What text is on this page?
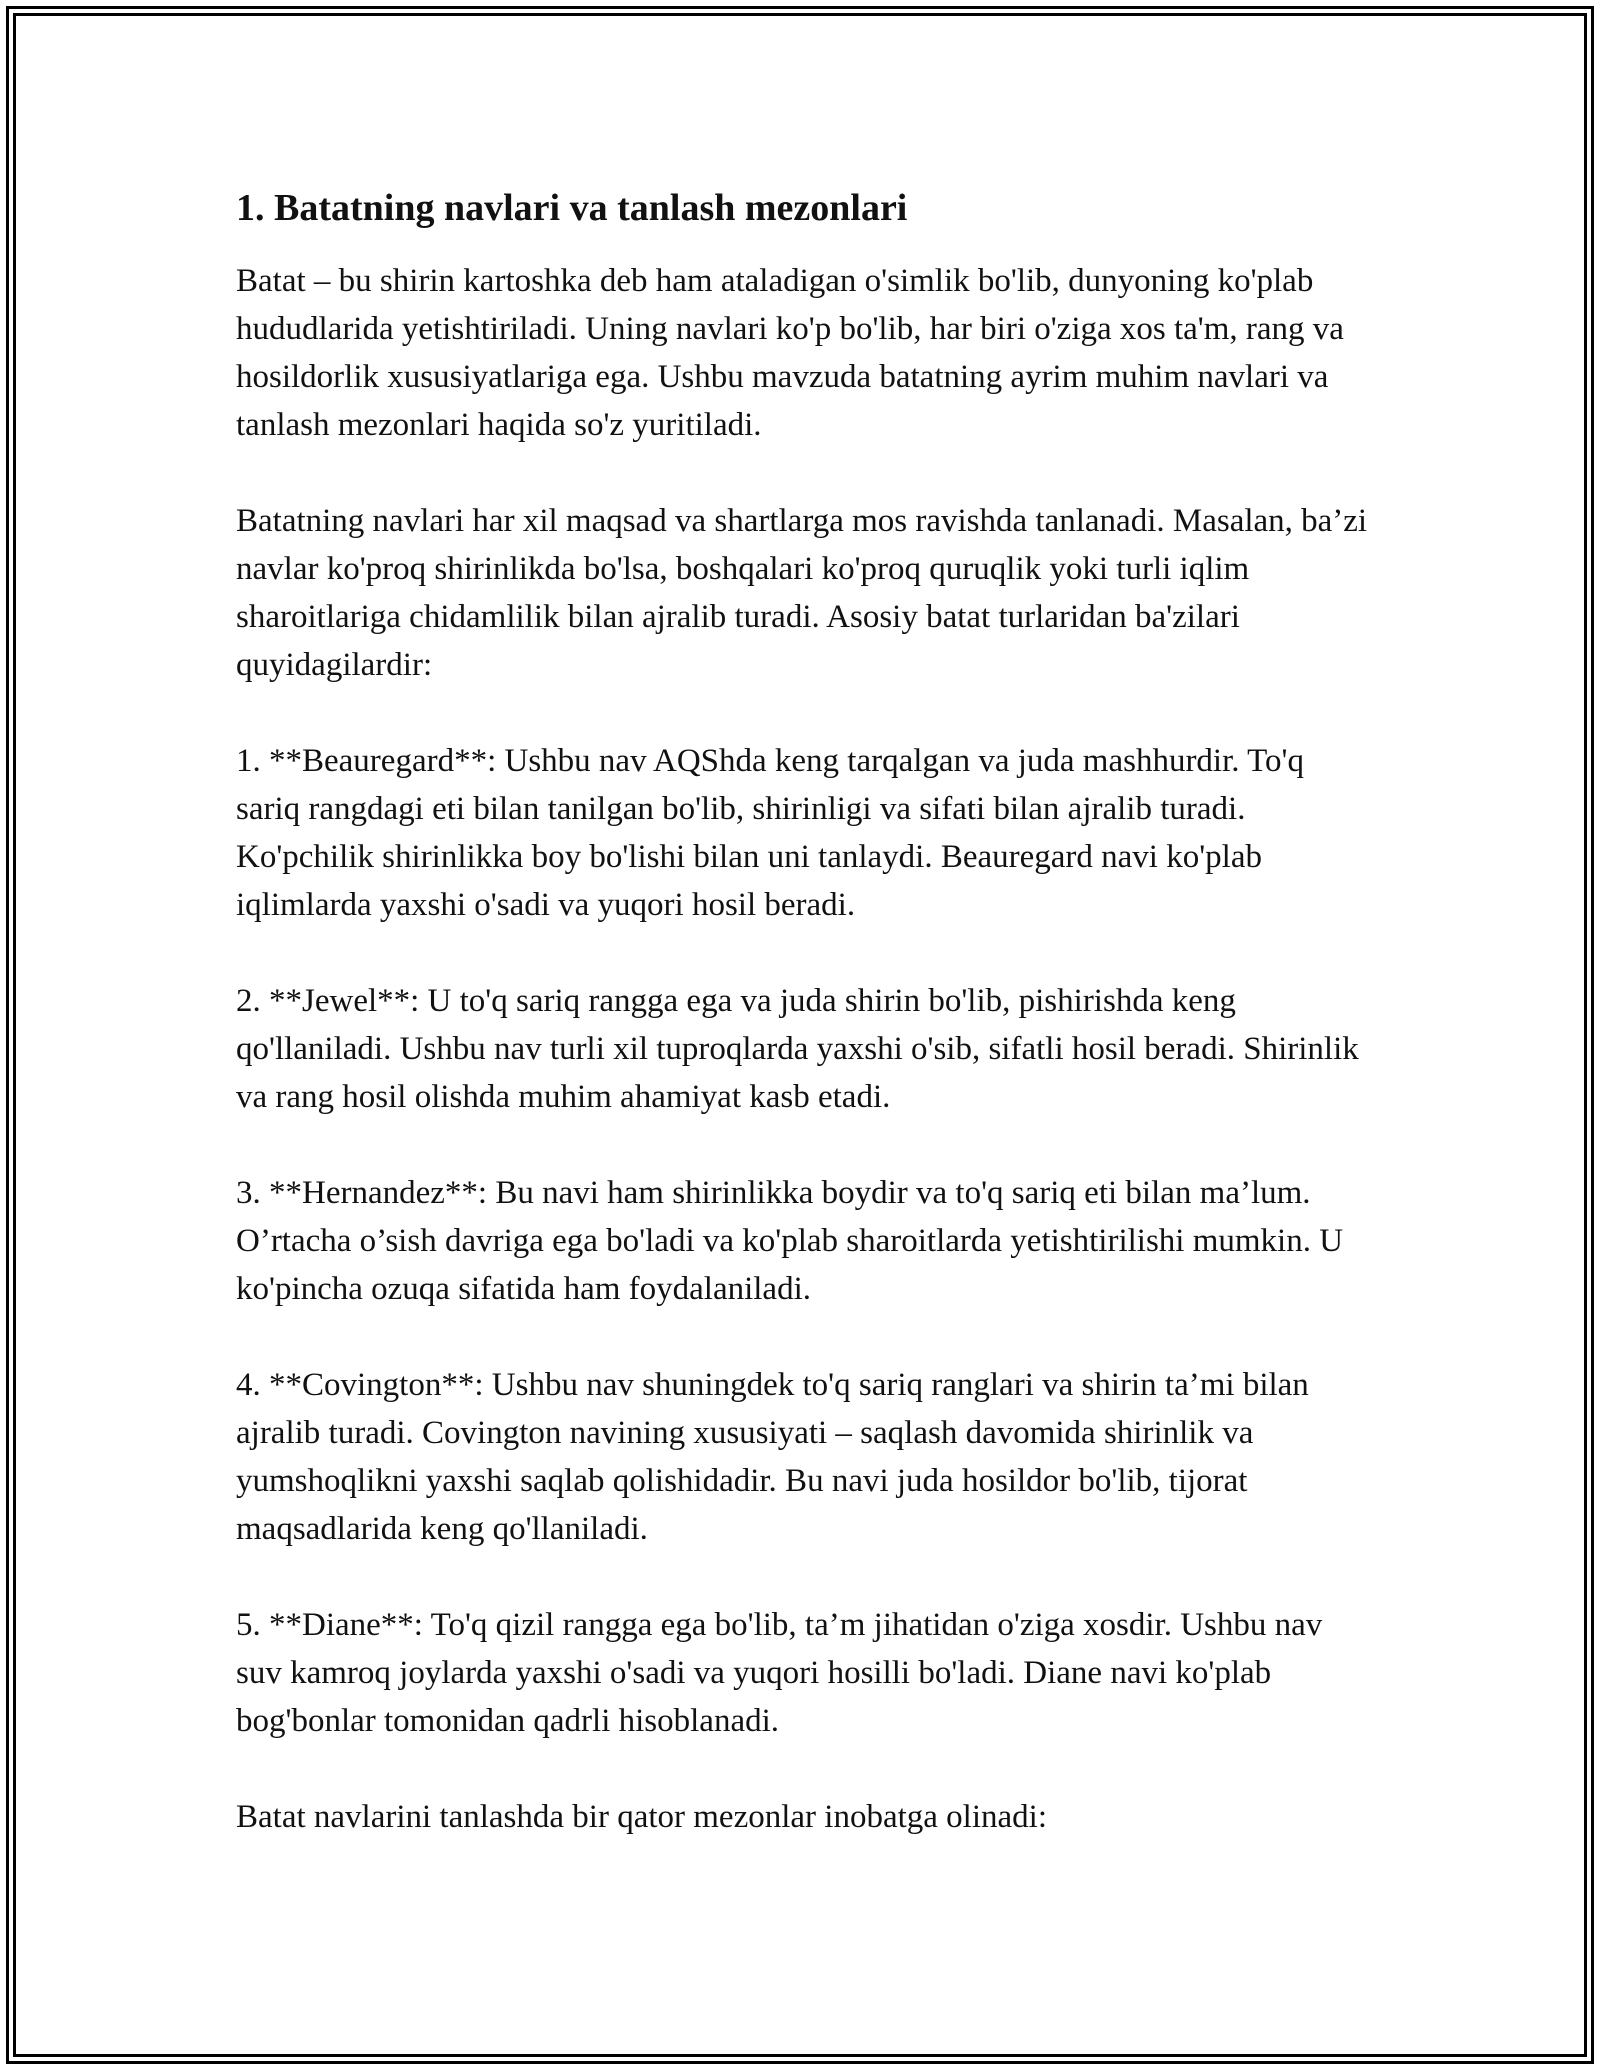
1. Batatning navlari va tanlash mezonlari

Batat – bu shirin kartoshka deb ham ataladigan o'simlik bo'lib, dunyoning ko'plab hududlarida yetishtiriladi. Uning navlari ko'p bo'lib, har biri o'ziga xos ta'm, rang va hosildorlik xususiyatlariga ega. Ushbu mavzuda batatning ayrim muhim navlari va tanlash mezonlari haqida so'z yuritiladi.

Batatning navlari har xil maqsad va shartlarga mos ravishda tanlanadi. Masalan, ba’zi navlar ko'proq shirinlikda bo'lsa, boshqalari ko'proq quruqlik yoki turli iqlim sharoitlariga chidamlilik bilan ajralib turadi. Asosiy batat turlaridan ba'zilari quyidagilardir:

1. **Beauregard**: Ushbu nav AQShda keng tarqalgan va juda mashhurdir. To'q sariq rangdagi eti bilan tanilgan bo'lib, shirinligi va sifati bilan ajralib turadi. Ko'pchilik shirinlikka boy bo'lishi bilan uni tanlaydi. Beauregard navi ko'plab iqlimlarda yaxshi o'sadi va yuqori hosil beradi.

2. **Jewel**: U to'q sariq rangga ega va juda shirin bo'lib, pishirishda keng qo'llaniladi. Ushbu nav turli xil tuproqlarda yaxshi o'sib, sifatli hosil beradi. Shirinlik va rang hosil olishda muhim ahamiyat kasb etadi.

3. **Hernandez**: Bu navi ham shirinlikka boydir va to'q sariq eti bilan ma’lum. O’rtacha o’sish davriga ega bo'ladi va ko'plab sharoitlarda yetishtirilishi mumkin. U ko'pincha ozuqa sifatida ham foydalaniladi.

4. **Covington**: Ushbu nav shuningdek to'q sariq ranglari va shirin ta’mi bilan ajralib turadi. Covington navining xususiyati – saqlash davomida shirinlik va yumshoqlikni yaxshi saqlab qolishidadir. Bu navi juda hosildor bo'lib, tijorat maqsadlarida keng qo'llaniladi.

5. **Diane**: To'q qizil rangga ega bo'lib, ta’m jihatidan o'ziga xosdir. Ushbu nav suv kamroq joylarda yaxshi o'sadi va yuqori hosilli bo'ladi. Diane navi ko'plab bog'bonlar tomonidan qadrli hisoblanadi.

Batat navlarini tanlashda bir qator mezonlar inobatga olinadi:
